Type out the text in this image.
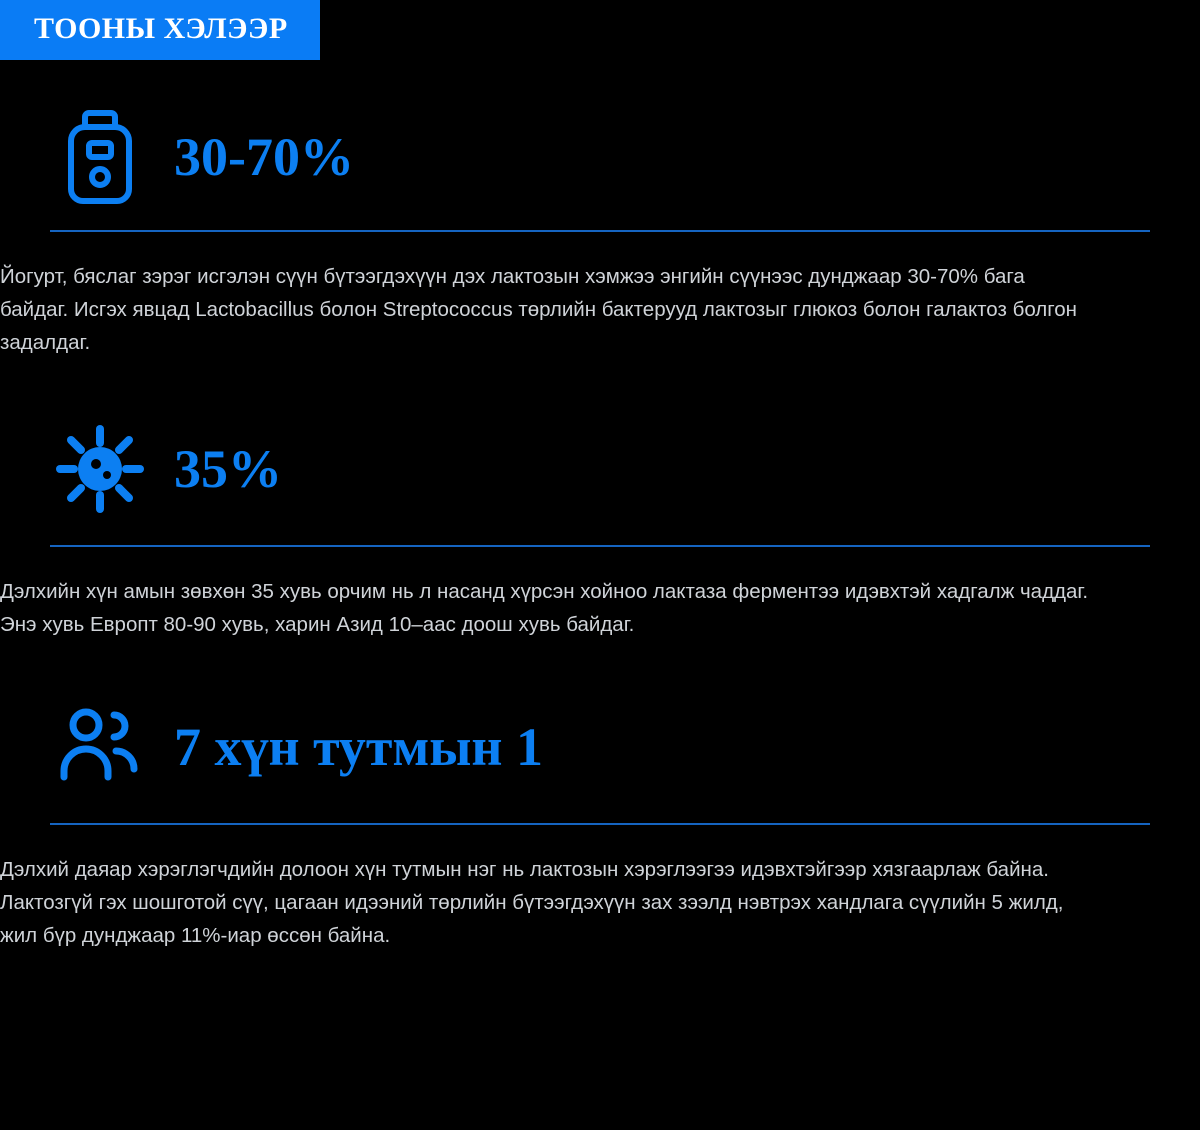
ТООНЫ ХЭЛЭЭР
30-70%

Йогурт, бяслаг зэрэг исгэлэн сүүн бүтээгдэхүүн дэх лактозын хэмжээ энгийн сүүнээс дунджаар 30-70% бага байдаг. Исгэх явцад Lactobacillus болон Streptococcus төрлийн бактерууд лактозыг глюкоз болон галактоз болгон задалдаг.

35%

Дэлхийн хүн амын зөвхөн 35 хувь орчим нь л насанд хүрсэн хойноо лактаза ферментээ идэвхтэй хадгалж чаддаг. Энэ хувь Европт 80-90 хувь, харин Азид 10–аас доош хувь байдаг.

7 хүн тутмын 1

Дэлхий даяар хэрэглэгчдийн долоон хүн тутмын нэг нь лактозын хэрэглээгээ идэвхтэйгээр хязгаарлаж байна. Лактозгүй гэх шошготой сүү, цагаан идээний төрлийн бүтээгдэхүүн зах зээлд нэвтрэх хандлага сүүлийн 5 жилд, жил бүр дунджаар 11%-иар өссөн байна.
